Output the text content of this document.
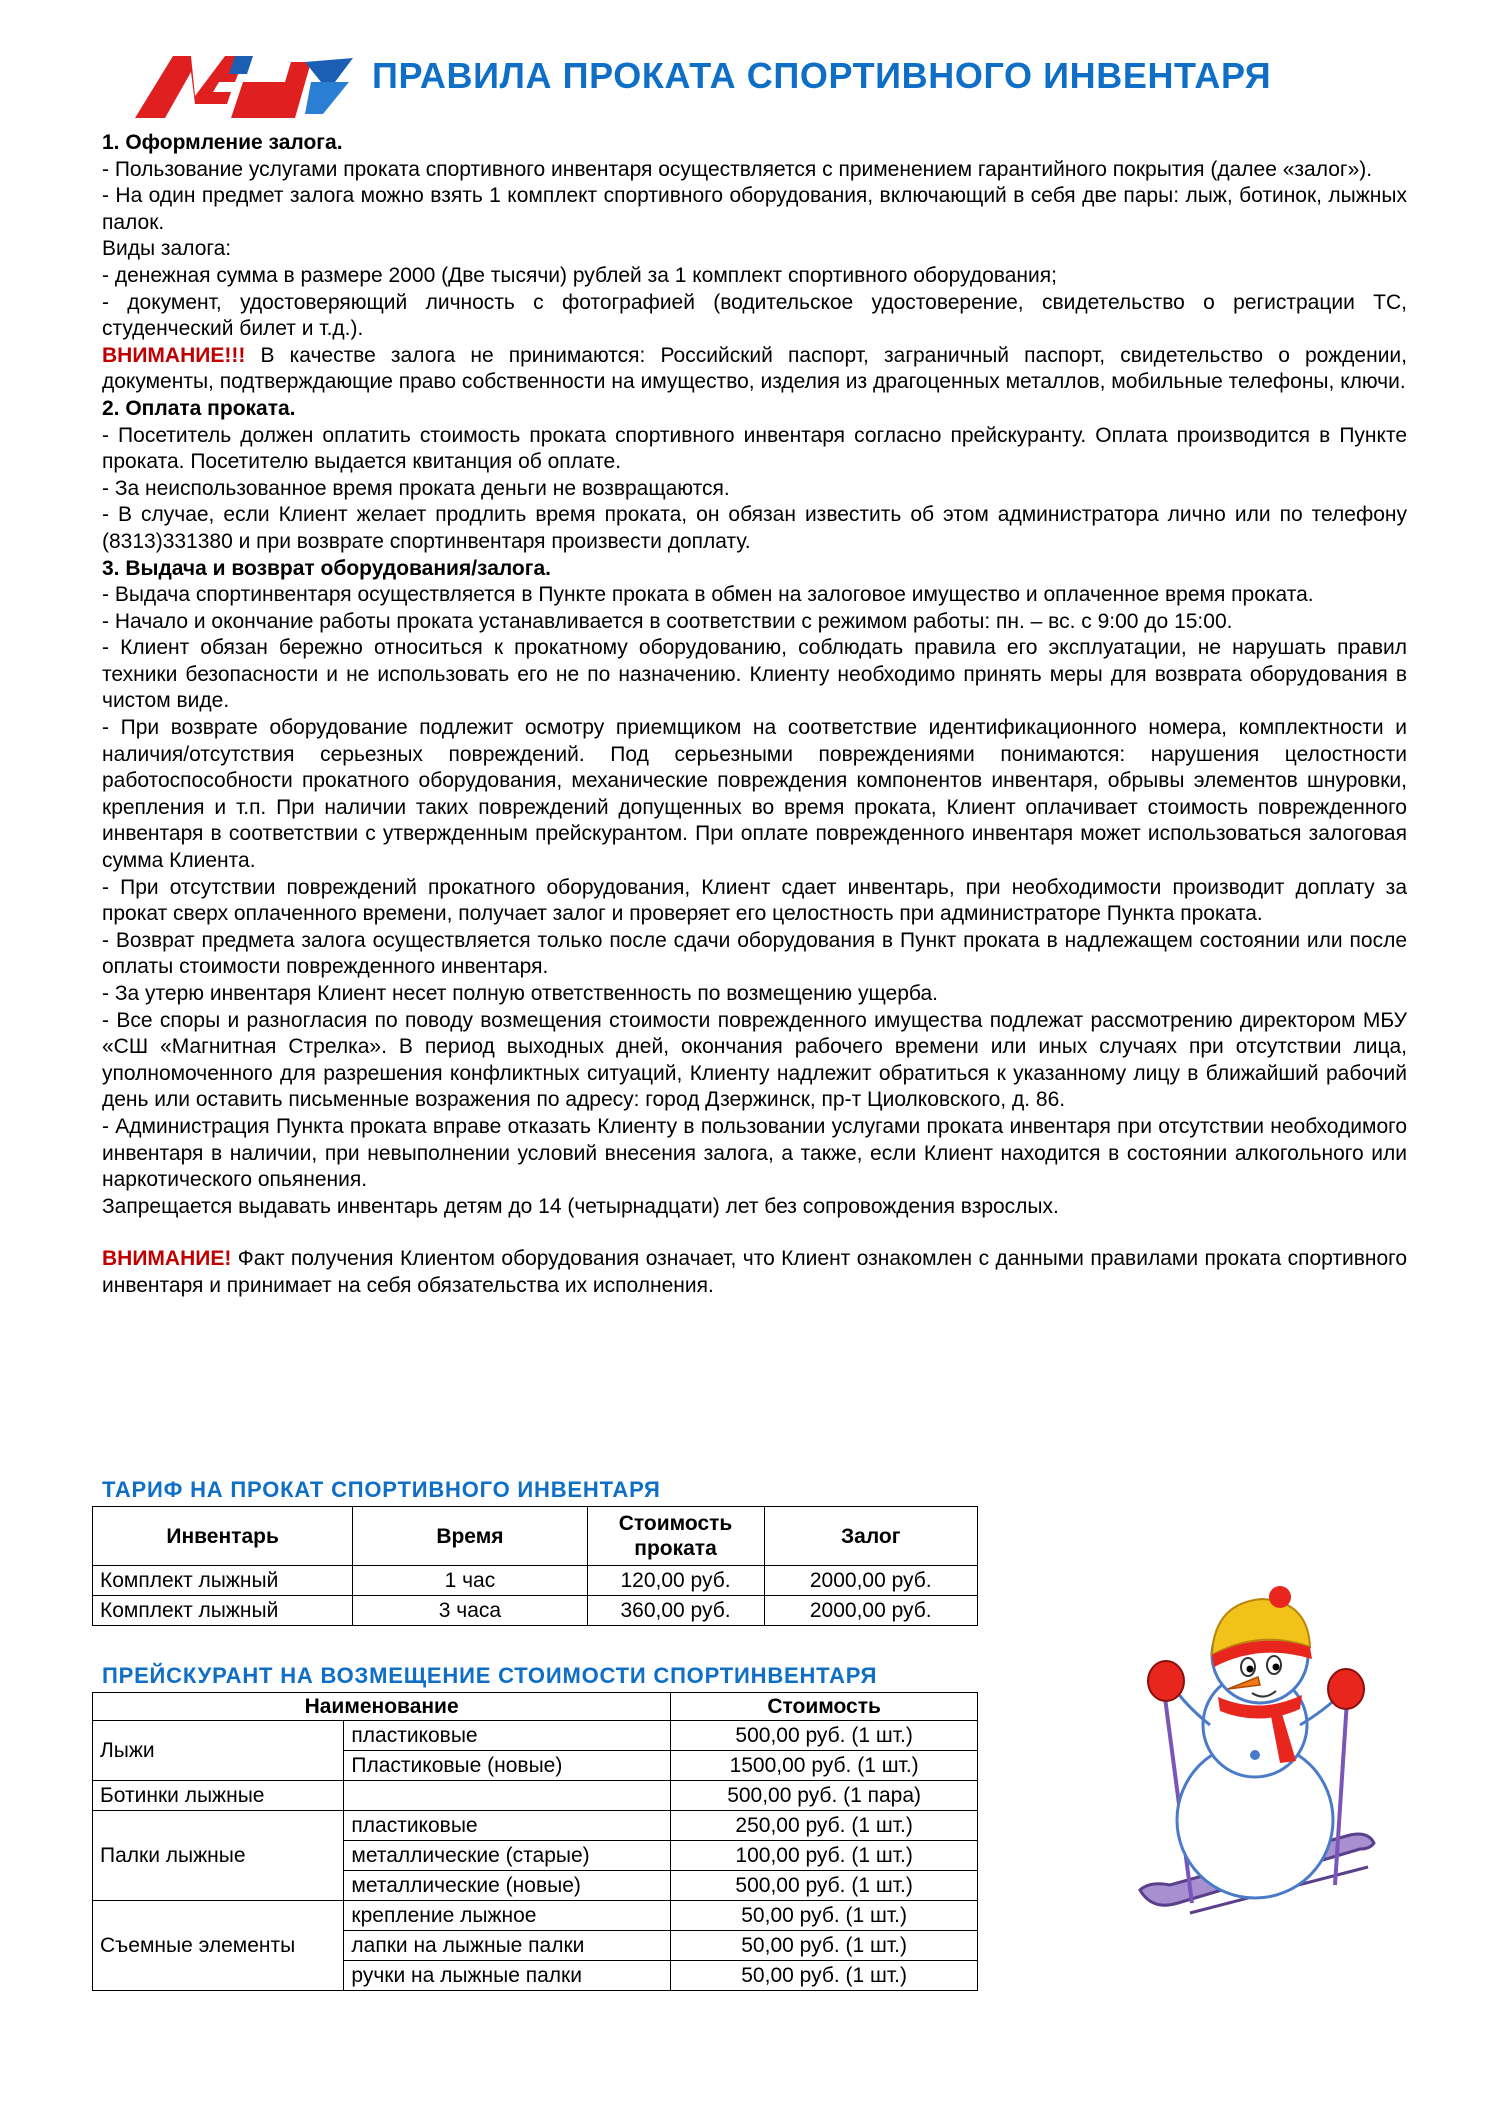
ПРАВИЛА ПРОКАТА СПОРТИВНОГО ИНВЕНТАРЯ

1. Оформление залога.

- Пользование услугами проката спортивного инвентаря осуществляется с применением гарантийного покрытия (далее «залог»).

- На один предмет залога можно взять 1 комплект спортивного оборудования, включающий в себя две пары: лыж, ботинок, лыжных палок.

Виды залога:

- денежная сумма в размере 2000 (Две тысячи) рублей за 1 комплект спортивного оборудования;

- документ, удостоверяющий личность с фотографией (водительское удостоверение, свидетельство о регистрации ТС, студенческий билет и т.д.).

ВНИМАНИЕ!!! В качестве залога не принимаются: Российский паспорт, заграничный паспорт, свидетельство о рождении, документы, подтверждающие право собственности на имущество, изделия из драгоценных металлов, мобильные телефоны, ключи.

2. Оплата проката.

- Посетитель должен оплатить стоимость проката спортивного инвентаря согласно прейскуранту. Оплата производится в Пункте проката. Посетителю выдается квитанция об оплате.

- За неиспользованное время проката деньги не возвращаются.

- В случае, если Клиент желает продлить время проката, он обязан известить об этом администратора лично или по телефону (8313)331380 и при возврате спортинвентаря произвести доплату.

3. Выдача и возврат оборудования/залога.

- Выдача спортинвентаря осуществляется в Пункте проката в обмен на залоговое имущество и оплаченное время проката.

- Начало и окончание работы проката устанавливается в соответствии с режимом работы: пн. – вс. с 9:00 до 15:00.

- Клиент обязан бережно относиться к прокатному оборудованию, соблюдать правила его эксплуатации, не нарушать правил техники безопасности и не использовать его не по назначению. Клиенту необходимо принять меры для возврата оборудования в чистом виде.

- При возврате оборудование подлежит осмотру приемщиком на соответствие идентификационного номера, комплектности и наличия/отсутствия серьезных повреждений. Под серьезными повреждениями понимаются: нарушения целостности работоспособности прокатного оборудования, механические повреждения компонентов инвентаря, обрывы элементов шнуровки, крепления и т.п. При наличии таких повреждений допущенных во время проката, Клиент оплачивает стоимость поврежденного инвентаря в соответствии с утвержденным прейскурантом. При оплате поврежденного инвентаря может использоваться залоговая сумма Клиента.

- При отсутствии повреждений прокатного оборудования, Клиент сдает инвентарь, при необходимости производит доплату за прокат сверх оплаченного времени, получает залог и проверяет его целостность при администраторе Пункта проката.

- Возврат предмета залога осуществляется только после сдачи оборудования в Пункт проката в надлежащем состоянии или после оплаты стоимости поврежденного инвентаря.

- За утерю инвентаря Клиент несет полную ответственность по возмещению ущерба.

- Все споры и разногласия по поводу возмещения стоимости поврежденного имущества подлежат рассмотрению директором МБУ «СШ «Магнитная Стрелка». В период выходных дней, окончания рабочего времени или иных случаях при отсутствии лица, уполномоченного для разрешения конфликтных ситуаций, Клиенту надлежит обратиться к указанному лицу в ближайший рабочий день или оставить письменные возражения по адресу: город Дзержинск, пр-т Циолковского, д. 86.

- Администрация Пункта проката вправе отказать Клиенту в пользовании услугами проката инвентаря при отсутствии необходимого инвентаря в наличии, при невыполнении условий внесения залога, а также, если Клиент находится в состоянии алкогольного или наркотического опьянения.

Запрещается выдавать инвентарь детям до 14 (четырнадцати) лет без сопровождения взрослых.

ВНИМАНИЕ! Факт получения Клиентом оборудования означает, что Клиент ознакомлен с данными правилами проката спортивного инвентаря и принимает на себя обязательства их исполнения.

ТАРИФ НА ПРОКАТ СПОРТИВНОГО ИНВЕНТАРЯ
Инвентарь	Время	Стоимость проката	Залог
Комплект лыжный	1 час	120,00 руб.	2000,00 руб.
Комплект лыжный	3 часа	360,00 руб.	2000,00 руб.
ПРЕЙСКУРАНТ НА ВОЗМЕЩЕНИЕ СТОИМОСТИ СПОРТИНВЕНТАРЯ
Наименование		Стоимость
Лыжи	пластиковые	500,00 руб. (1 шт.)
	Пластиковые (новые)	1500,00 руб. (1 шт.)
Ботинки лыжные		500,00 руб. (1 пара)
Палки лыжные	пластиковые	250,00 руб. (1 шт.)
	металлические (старые)	100,00 руб. (1 шт.)
	металлические (новые)	500,00 руб. (1 шт.)
Съемные элементы	крепление лыжное	50,00 руб. (1 шт.)
	лапки на лыжные палки	50,00 руб. (1 шт.)
	ручки на лыжные палки	50,00 руб. (1 шт.)
